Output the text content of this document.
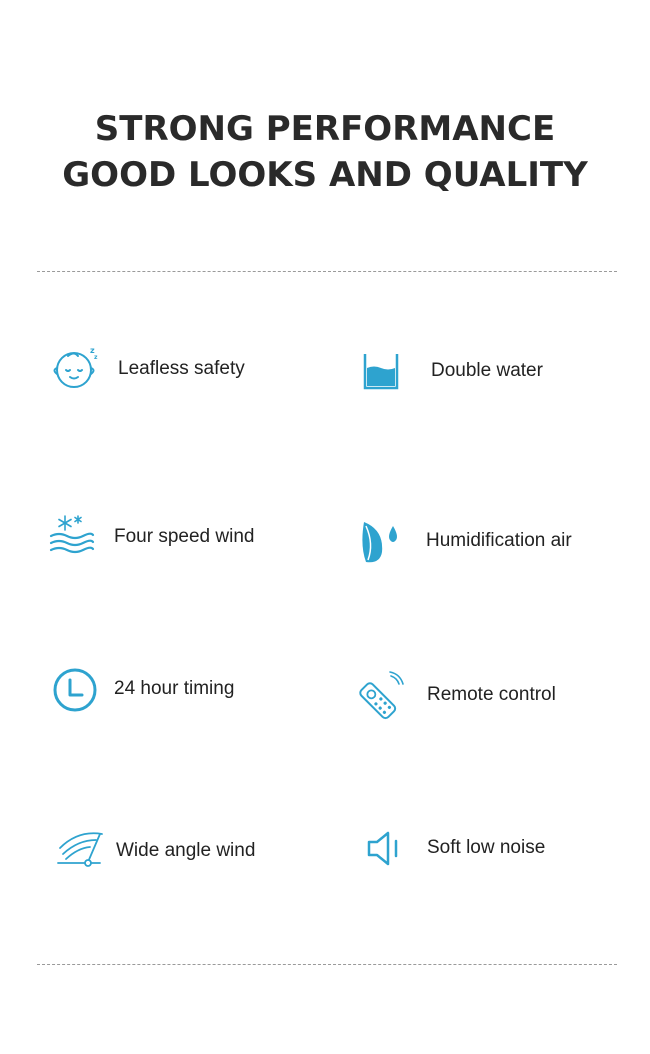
STRONG PERFORMANCE
GOOD LOOKS AND QUALITY
z
z
Leafless safety	Double water
Four speed wind	Humidification air
24 hour timing	Remote control
Wide angle wind	Soft low noise
